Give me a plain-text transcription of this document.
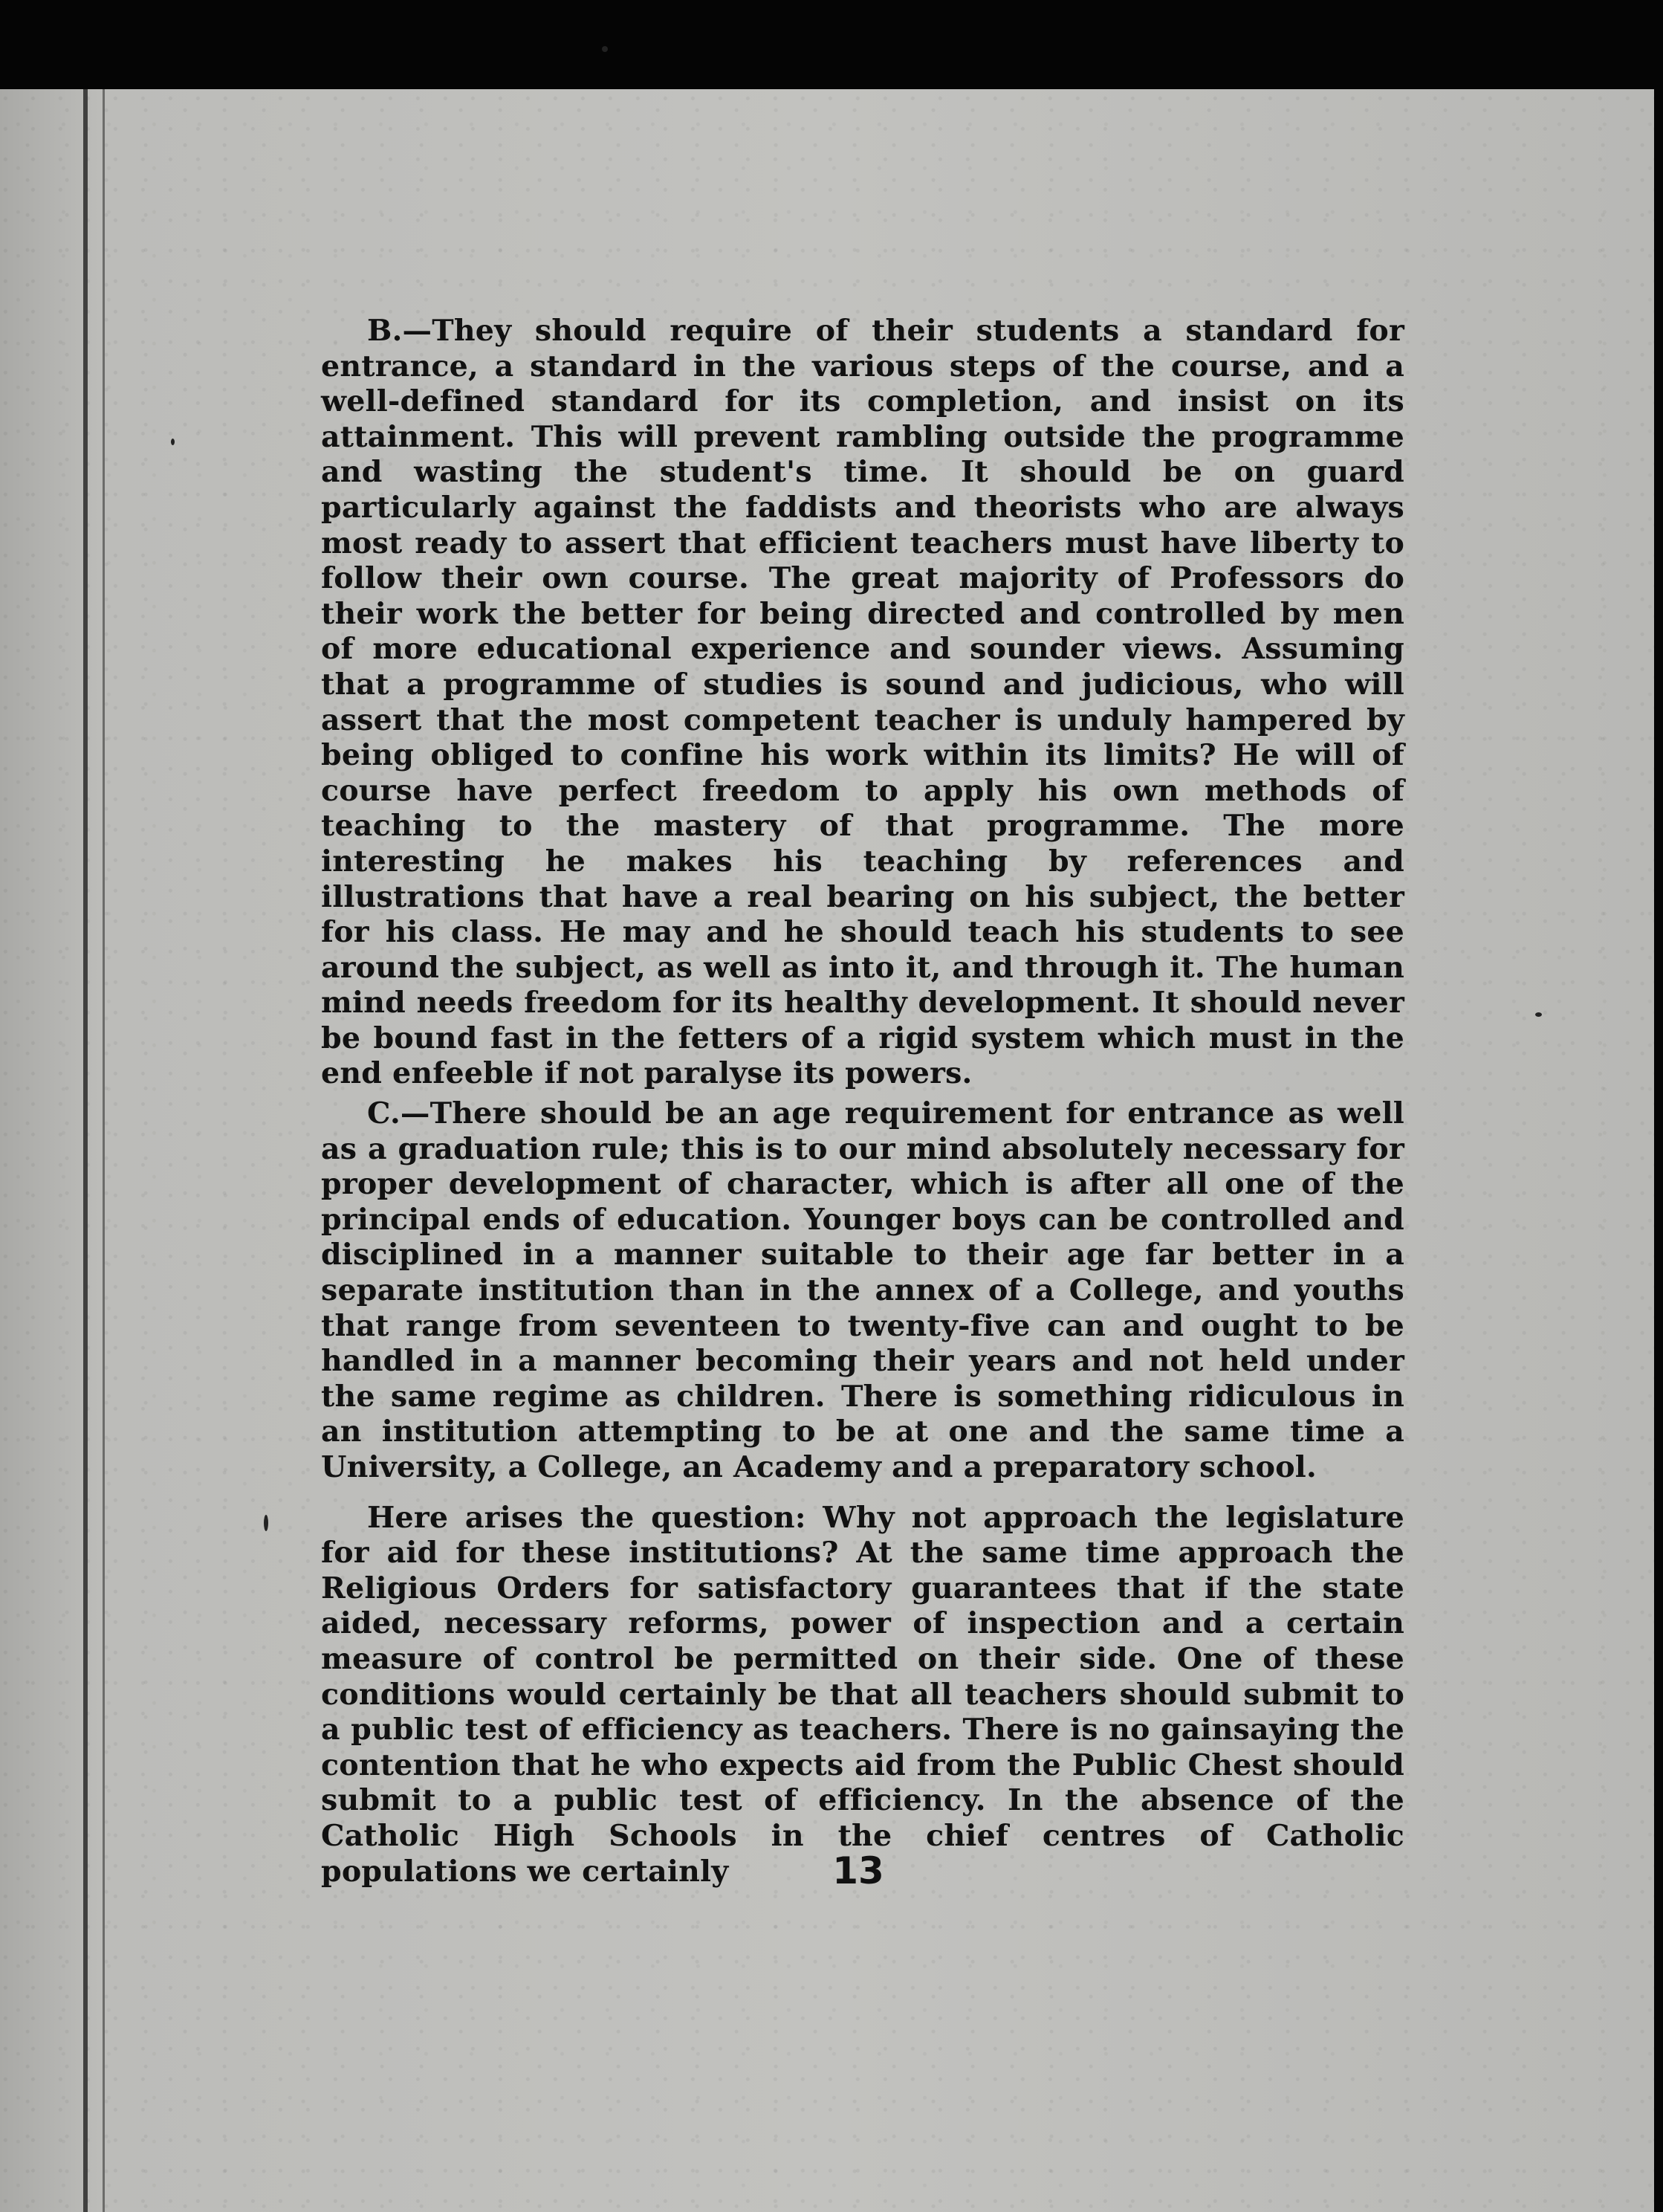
B.—They should require of their students a standard for entrance, a standard in the various steps of the course, and a well-defined standard for its completion, and insist on its attainment. This will prevent rambling outside the programme and wasting the student's time. It should be on guard particularly against the faddists and theorists who are always most ready to assert that efficient teachers must have liberty to follow their own course. The great majority of Professors do their work the better for being directed and controlled by men of more educational experience and sounder views. Assuming that a programme of studies is sound and judicious, who will assert that the most competent teacher is unduly hampered by being obliged to confine his work within its limits? He will of course have perfect freedom to apply his own methods of teaching to the mastery of that programme. The more interesting he makes his teaching by references and illustrations that have a real bearing on his subject, the better for his class. He may and he should teach his students to see around the subject, as well as into it, and through it. The human mind needs freedom for its healthy development. It should never be bound fast in the fetters of a rigid system which must in the end enfeeble if not paralyse its powers.

C.—There should be an age requirement for entrance as well as a graduation rule; this is to our mind absolutely necessary for proper development of character, which is after all one of the principal ends of education. Younger boys can be controlled and disciplined in a manner suitable to their age far better in a separate institution than in the annex of a College, and youths that range from seventeen to twenty-five can and ought to be handled in a manner becoming their years and not held under the same regime as children. There is something ridiculous in an institution attempting to be at one and the same time a University, a College, an Academy and a preparatory school.

Here arises the question: Why not approach the legislature for aid for these institutions? At the same time approach the Religious Orders for satisfactory guarantees that if the state aided, necessary reforms, power of inspection and a certain measure of control be permitted on their side. One of these conditions would certainly be that all teachers should submit to a public test of efficiency as teachers. There is no gainsaying the contention that he who expects aid from the Public Chest should submit to a public test of efficiency. In the absence of the Catholic High Schools in the chief centres of Catholic populations we certainly	13
